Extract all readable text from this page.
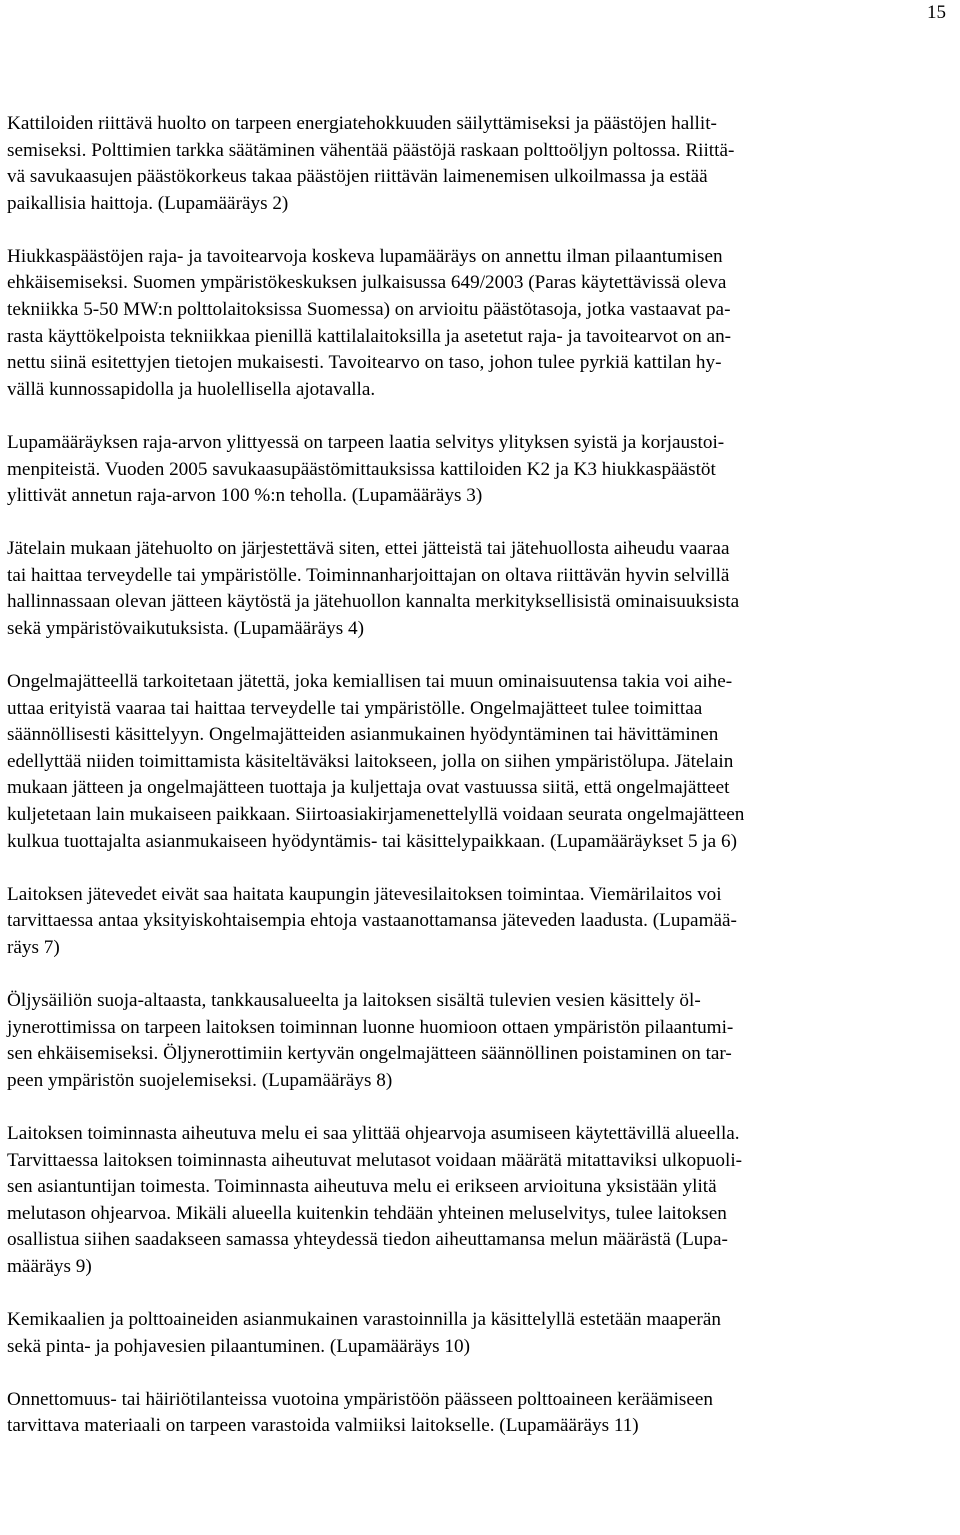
15

Kattiloiden riittävä huolto on tarpeen energiatehokkuuden säilyttämiseksi ja päästöjen hallit-
semiseksi. Polttimien tarkka säätäminen vähentää päästöjä raskaan polttoöljyn poltossa. Riittä-
vä savukaasujen päästökorkeus takaa päästöjen riittävän laimenemisen ulkoilmassa ja estää
paikallisia haittoja. (Lupamääräys 2)

Hiukkaspäästöjen raja- ja tavoitearvoja koskeva lupamääräys on annettu ilman pilaantumisen
ehkäisemiseksi. Suomen ympäristökeskuksen julkaisussa 649/2003 (Paras käytettävissä oleva
tekniikka 5-50 MW:n polttolaitoksissa Suomessa) on arvioitu päästötasoja, jotka vastaavat pa-
rasta käyttökelpoista tekniikkaa pienillä kattilalaitoksilla ja asetetut raja- ja tavoitearvot on an-
nettu siinä esitettyjen tietojen mukaisesti. Tavoitearvo on taso, johon tulee pyrkiä kattilan hy-
vällä kunnossapidolla ja huolellisella ajotavalla.

Lupamääräyksen raja-arvon ylittyessä on tarpeen laatia selvitys ylityksen syistä ja korjaustoi-
menpiteistä. Vuoden 2005 savukaasupäästömittauksissa kattiloiden K2 ja K3 hiukkaspäästöt
ylittivät annetun raja-arvon 100 %:n teholla. (Lupamääräys 3)

Jätelain mukaan jätehuolto on järjestettävä siten, ettei jätteistä tai jätehuollosta aiheudu vaaraa
tai haittaa terveydelle tai ympäristölle. Toiminnanharjoittajan on oltava riittävän hyvin selvillä
hallinnassaan olevan jätteen käytöstä ja jätehuollon kannalta merkityksellisistä ominaisuuksista
sekä ympäristövaikutuksista. (Lupamääräys 4)

Ongelmajätteellä tarkoitetaan jätettä, joka kemiallisen tai muun ominaisuutensa takia voi aihe-
uttaa erityistä vaaraa tai haittaa terveydelle tai ympäristölle. Ongelmajätteet tulee toimittaa
säännöllisesti käsittelyyn. Ongelmajätteiden asianmukainen hyödyntäminen tai hävittäminen
edellyttää niiden toimittamista käsiteltäväksi laitokseen, jolla on siihen ympäristölupa. Jätelain
mukaan jätteen ja ongelmajätteen tuottaja ja kuljettaja ovat vastuussa siitä, että ongelmajätteet
kuljetetaan lain mukaiseen paikkaan. Siirtoasiakirjamenettelyllä voidaan seurata ongelmajätteen
kulkua tuottajalta asianmukaiseen hyödyntämis- tai käsittelypaikkaan. (Lupamääräykset 5 ja 6)

Laitoksen jätevedet eivät saa haitata kaupungin jätevesilaitoksen toimintaa. Viemärilaitos voi
tarvittaessa antaa yksityiskohtaisempia ehtoja vastaanottamansa jäteveden laadusta. (Lupamää-
räys 7)

Öljysäiliön suoja-altaasta, tankkausalueelta ja laitoksen sisältä tulevien vesien käsittely öl-
jynerottimissa on tarpeen laitoksen toiminnan luonne huomioon ottaen ympäristön pilaantumi-
sen ehkäisemiseksi. Öljynerottimiin kertyvän ongelmajätteen säännöllinen poistaminen on tar-
peen ympäristön suojelemiseksi. (Lupamääräys 8)

Laitoksen toiminnasta aiheutuva melu ei saa ylittää ohjearvoja asumiseen käytettävillä alueella.
Tarvittaessa laitoksen toiminnasta aiheutuvat melutasot voidaan määrätä mitattaviksi ulkopuoli-
sen asiantuntijan toimesta. Toiminnasta aiheutuva melu ei erikseen arvioituna yksistään ylitä
melutason ohjearvoa. Mikäli alueella kuitenkin tehdään yhteinen meluselvitys, tulee laitoksen
osallistua siihen saadakseen samassa yhteydessä tiedon aiheuttamansa melun määrästä (Lupa-
määräys 9)

Kemikaalien ja polttoaineiden asianmukainen varastoinnilla ja käsittelyllä estetään maaperän
sekä pinta- ja pohjavesien pilaantuminen. (Lupamääräys 10)

Onnettomuus- tai häiriötilanteissa vuotoina ympäristöön päässeen polttoaineen keräämiseen
tarvittava materiaali on tarpeen varastoida valmiiksi laitokselle. (Lupamääräys 11)
